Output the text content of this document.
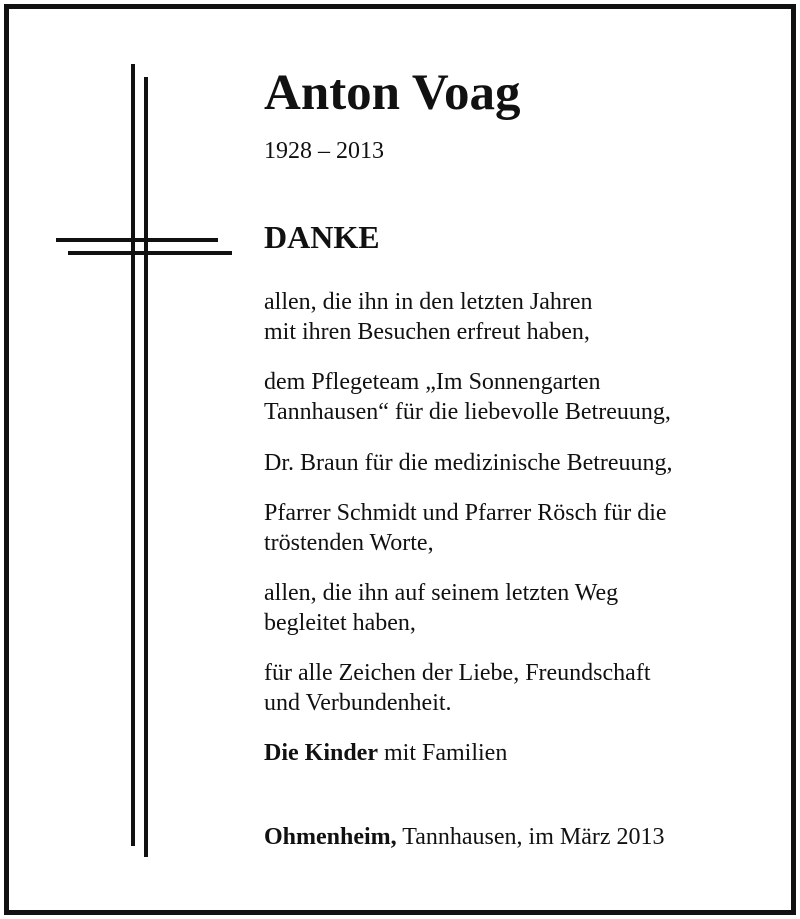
Anton Voag
1928 – 2013
DANKE
allen, die ihn in den letzten Jahren
mit ihren Besuchen erfreut haben,
dem Pflegeteam „Im Sonnengarten
Tannhausen“ für die liebevolle Betreuung,
Dr. Braun für die medizinische Betreuung,
Pfarrer Schmidt und Pfarrer Rösch für die
tröstenden Worte,
allen, die ihn auf seinem letzten Weg
begleitet haben,
für alle Zeichen der Liebe, Freundschaft
und Verbundenheit.
Die Kinder mit Familien
Ohmenheim, Tannhausen, im März 2013
